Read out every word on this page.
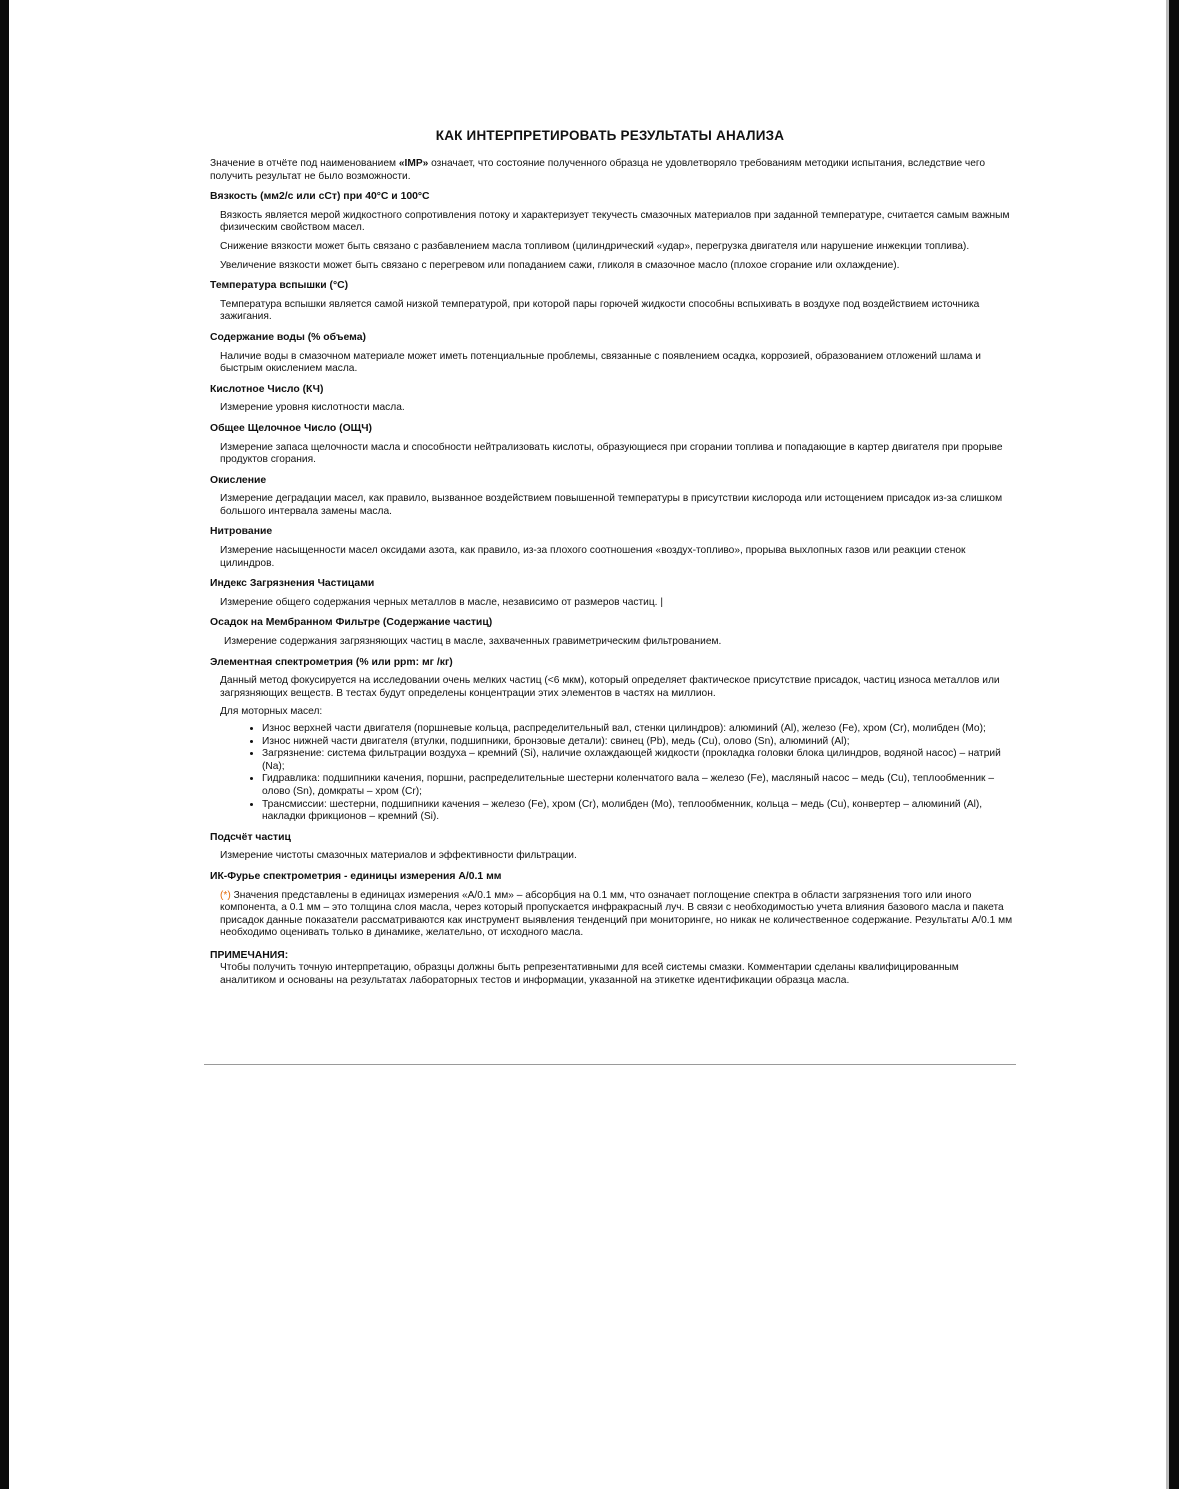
КАК ИНТЕРПРЕТИРОВАТЬ РЕЗУЛЬТАТЫ АНАЛИЗА
Значение в отчёте под наименованием «IMP» означает, что состояние полученного образца не удовлетворяло требованиям методики испытания, вследствие чего получить результат не было возможности.
Вязкость (мм2/с или сСт) при 40°C и 100°C
Вязкость является мерой жидкостного сопротивления потоку и характеризует текучесть смазочных материалов при заданной температуре, считается самым важным физическим свойством масел.
Снижение вязкости может быть связано с разбавлением масла топливом (цилиндрический «удар», перегрузка двигателя или нарушение инжекции топлива).
Увеличение вязкости может быть связано с перегревом или попаданием сажи, гликоля в смазочное масло (плохое сгорание или охлаждение).
Температура вспышки (°C)
Температура вспышки является самой низкой температурой, при которой пары горючей жидкости способны вспыхивать в воздухе под воздействием источника зажигания.
Содержание воды (% объема)
Наличие воды в смазочном материале может иметь потенциальные проблемы, связанные с появлением осадка, коррозией, образованием отложений шлама и быстрым окислением масла.
Кислотное Число (КЧ)
Измерение уровня кислотности масла.
Общее Щелочное Число (ОЩЧ)
Измерение запаса щелочности масла и способности нейтрализовать кислоты, образующиеся при сгорании топлива и попадающие в картер двигателя при прорыве продуктов сгорания.
Окисление
Измерение деградации масел, как правило, вызванное воздействием повышенной температуры в присутствии кислорода или истощением присадок из-за слишком большого интервала замены масла.
Нитрование
Измерение насыщенности масел оксидами азота, как правило, из-за плохого соотношения «воздух-топливо», прорыва выхлопных газов или реакции стенок цилиндров.
Индекс Загрязнения Частицами
Измерение общего содержания черных металлов в масле, независимо от размеров частиц. |
Осадок на Мембранном Фильтре (Содержание частиц)
Измерение содержания загрязняющих частиц в масле, захваченных гравиметрическим фильтрованием.
Элементная спектрометрия (% или ppm: мг /кг)
Данный метод фокусируется на исследовании очень мелких частиц (<6 мкм), который определяет фактическое присутствие присадок, частиц износа металлов или загрязняющих веществ. В тестах будут определены концентрации этих элементов в частях на миллион.
Для моторных масел:
• Износ верхней части двигателя (поршневые кольца, распределительный вал, стенки цилиндров): алюминий (Al), железо (Fe), хром (Cr), молибден (Mo);
• Износ нижней части двигателя (втулки, подшипники, бронзовые детали): свинец (Pb), медь (Cu), олово (Sn), алюминий (Al);
• Загрязнение: система фильтрации воздуха – кремний (Si), наличие охлаждающей жидкости (прокладка головки блока цилиндров, водяной насос) – натрий (Na);
• Гидравлика: подшипники качения, поршни, распределительные шестерни коленчатого вала – железо (Fe), масляный насос – медь (Cu), теплообменник – олово (Sn), домкраты – хром (Cr);
• Трансмиссии: шестерни, подшипники качения – железо (Fe), хром (Cr), молибден (Mo), теплообменник, кольца – медь (Cu), конвертер – алюминий (Al), накладки фрикционов – кремний (Si).
Подсчёт частиц
Измерение чистоты смазочных материалов и эффективности фильтрации.
ИК-Фурье спектрометрия - единицы измерения A/0.1 мм
(*) Значения представлены в единицах измерения «A/0.1 мм» – абсорбция на 0.1 мм, что означает поглощение спектра в области загрязнения того или иного компонента, а 0.1 мм – это толщина слоя масла, через который пропускается инфракрасный луч. В связи с необходимостью учета влияния базового масла и пакета присадок данные показатели рассматриваются как инструмент выявления тенденций при мониторинге, но никак не количественное содержание. Результаты A/0.1 мм необходимо оценивать только в динамике, желательно, от исходного масла.
ПРИМЕЧАНИЯ:
Чтобы получить точную интерпретацию, образцы должны быть репрезентативными для всей системы смазки. Комментарии сделаны квалифицированным аналитиком и основаны на результатах лабораторных тестов и информации, указанной на этикетке идентификации образца масла.
